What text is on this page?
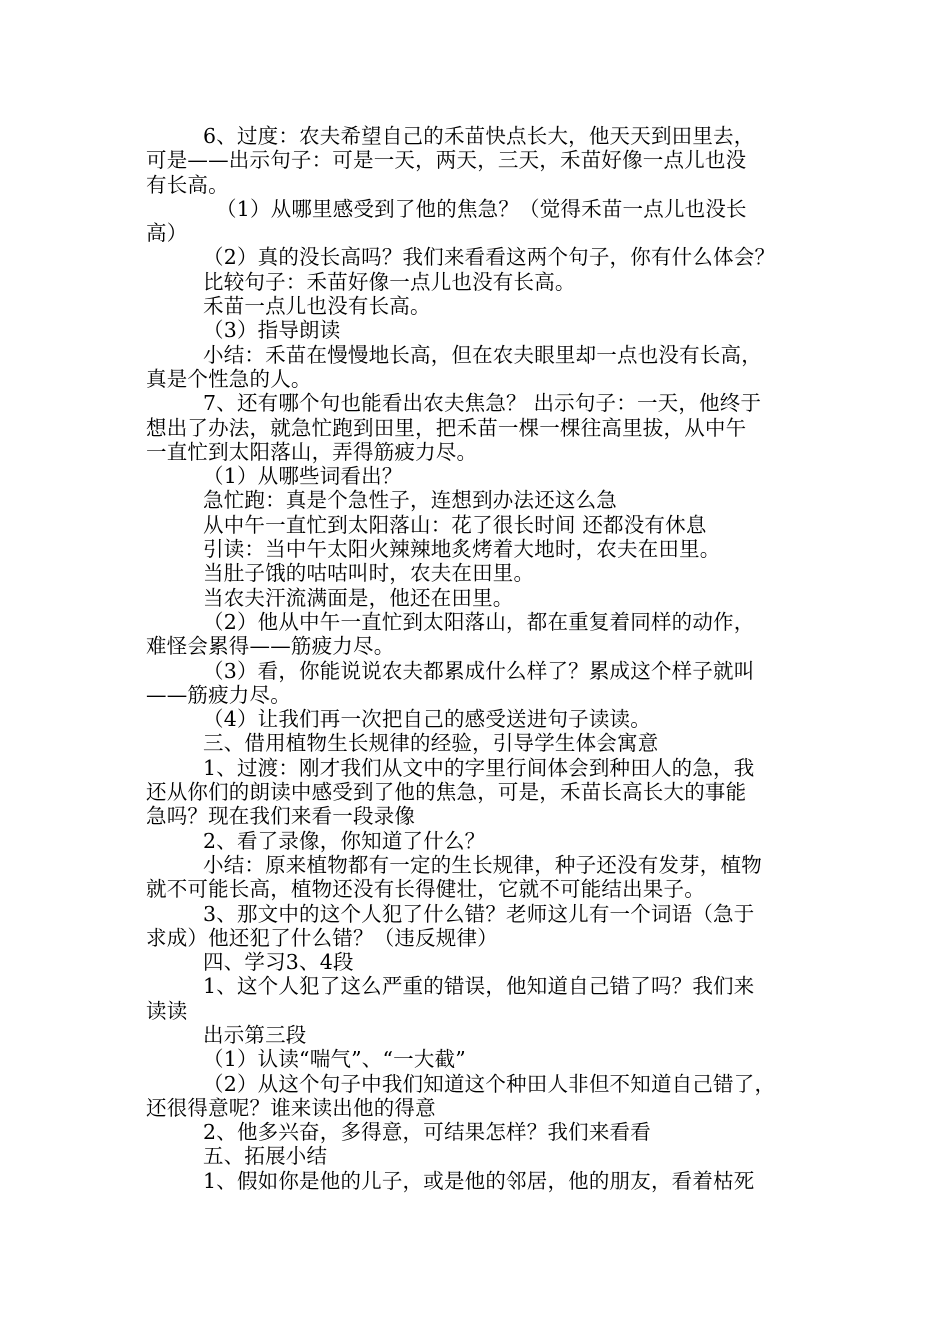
6、过度：农夫希望自己的禾苗快点长大，他天天到田里去，

可是——出示句子：可是一天，两天，三天，禾苗好像一点儿也没

有长高。

（1）从哪里感受到了他的焦急？（觉得禾苗一点儿也没长

高）

（2）真的没长高吗？我们来看看这两个句子，你有什么体会？

比较句子：禾苗好像一点儿也没有长高。

禾苗一点儿也没有长高。

（3）指导朗读

小结：禾苗在慢慢地长高，但在农夫眼里却一点也没有长高，

真是个性急的人。

7、还有哪个句也能看出农夫焦急？ 出示句子：一天，他终于

想出了办法，就急忙跑到田里，把禾苗一棵一棵往高里拔，从中午

一直忙到太阳落山，弄得筋疲力尽。

（1）从哪些词看出？

急忙跑：真是个急性子，连想到办法还这么急

从中午一直忙到太阳落山：花了很长时间 还都没有休息

引读：当中午太阳火辣辣地炙烤着大地时，农夫在田里。

当肚子饿的咕咕叫时，农夫在田里。

当农夫汗流满面是，他还在田里。

（2）他从中午一直忙到太阳落山，都在重复着同样的动作，

难怪会累得——筋疲力尽。

（3）看，你能说说农夫都累成什么样了？累成这个样子就叫

——筋疲力尽。

（4）让我们再一次把自己的感受送进句子读读。

三、借用植物生长规律的经验，引导学生体会寓意

1、过渡：刚才我们从文中的字里行间体会到种田人的急，我

还从你们的朗读中感受到了他的焦急，可是，禾苗长高长大的事能

急吗？现在我们来看一段录像

2、看了录像，你知道了什么？

小结：原来植物都有一定的生长规律，种子还没有发芽，植物

就不可能长高，植物还没有长得健壮，它就不可能结出果子。

3、那文中的这个人犯了什么错？老师这儿有一个词语（急于

求成）他还犯了什么错？（违反规律）

四、学习3、4段

1、这个人犯了这么严重的错误，他知道自己错了吗？我们来

读读

出示第三段

（1）认读“喘气”、“一大截”

（2）从这个句子中我们知道这个种田人非但不知道自己错了，

还很得意呢？谁来读出他的得意

2、他多兴奋，多得意，可结果怎样？我们来看看

五、拓展小结

1、假如你是他的儿子，或是他的邻居，他的朋友，看着枯死
